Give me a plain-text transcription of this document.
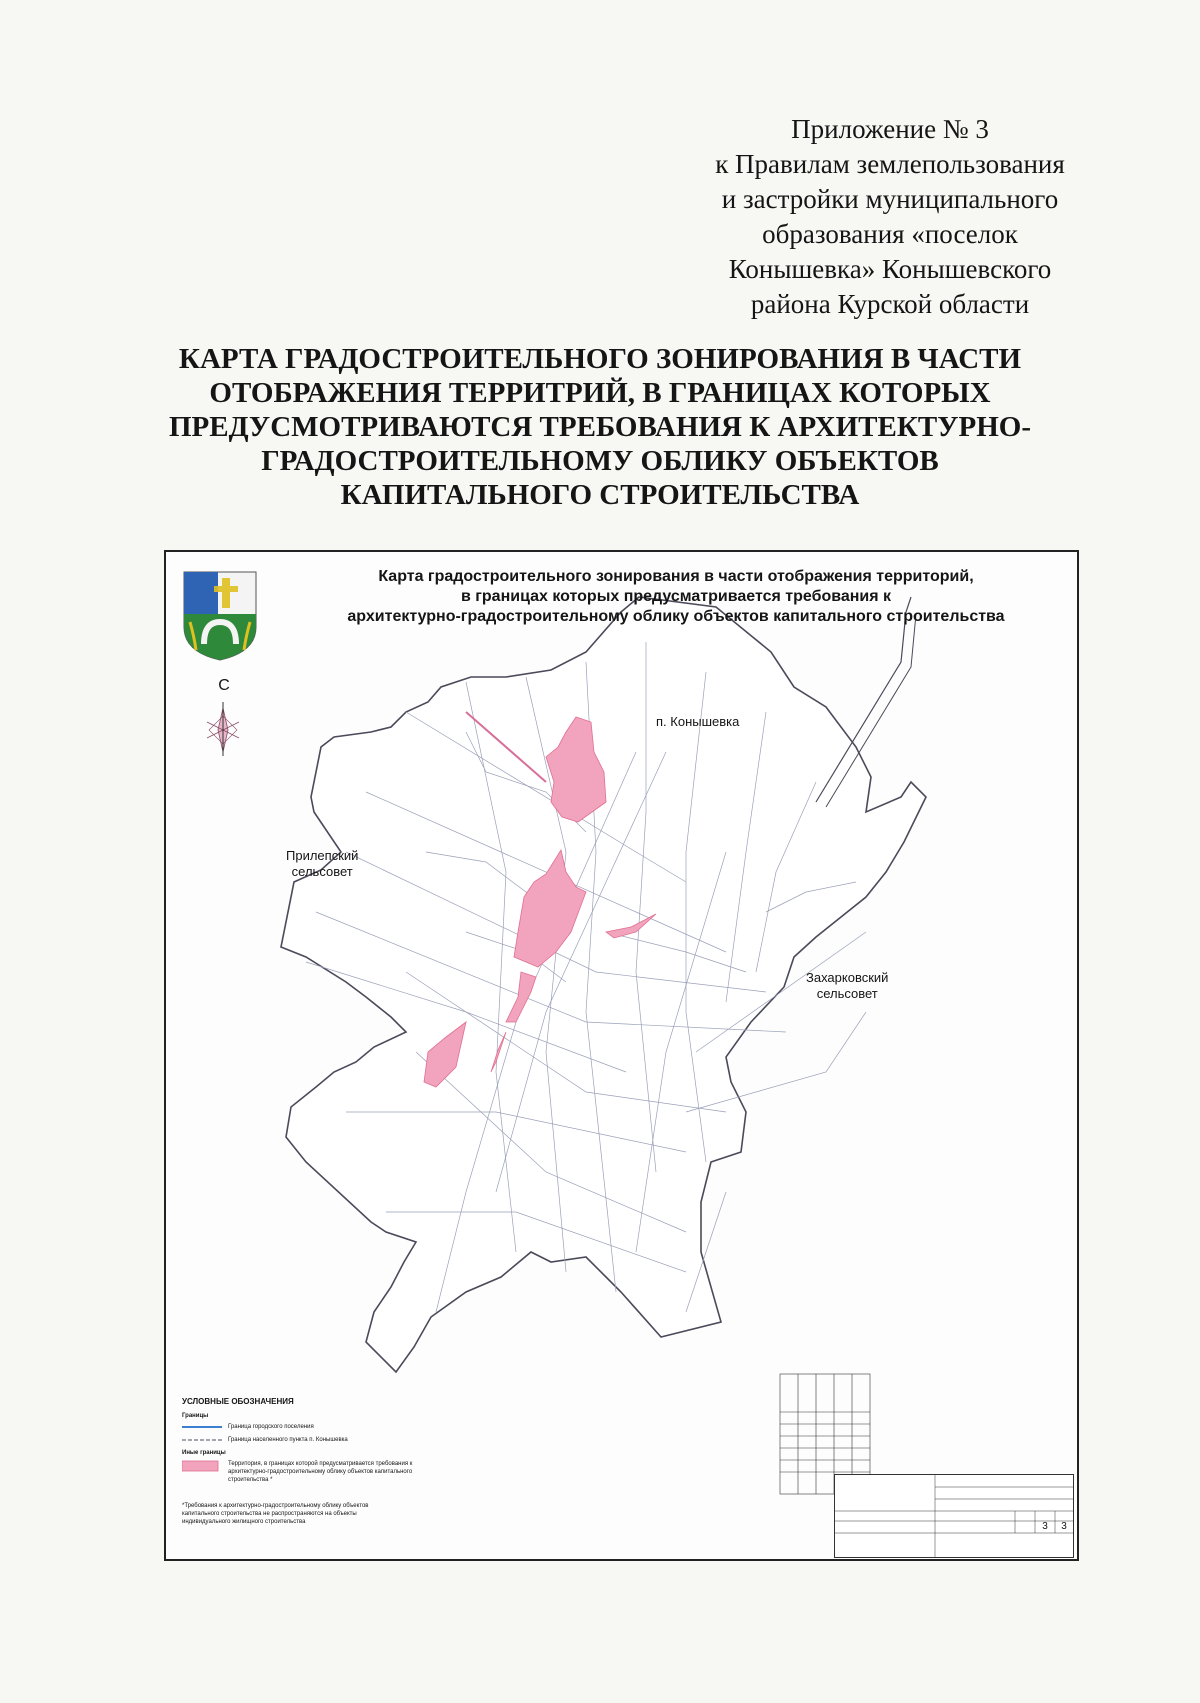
Приложение № 3
к Правилам землепользования
и застройки муниципального
образования «поселок
Конышевка» Конышевского
района Курской области
КАРТА ГРАДОСТРОИТЕЛЬНОГО ЗОНИРОВАНИЯ В ЧАСТИ
ОТОБРАЖЕНИЯ ТЕРРИТРИЙ, В ГРАНИЦАХ КОТОРЫХ
ПРЕДУСМОТРИВАЮТСЯ ТРЕБОВАНИЯ К АРХИТЕКТУРНО-
ГРАДОСТРОИТЕЛЬНОМУ ОБЛИКУ ОБЪЕКТОВ
КАПИТАЛЬНОГО СТРОИТЕЛЬСТВА
Карта градостроительного зонирования в части отображения территорий,
в границах которых предусматривается требования к
архитектурно-градостроительному облику объектов капитального строительства
С
п. Конышевка
Прилепский
сельсовет
Захарковский
сельсовет
УСЛОВНЫЕ ОБОЗНАЧЕНИЯ
Границы
Граница городского поселения
Граница населенного пункта п. Конышевка
Иные границы
Территория, в границах которой предусматривается требования к архитектурно-градостроительному облику объектов капитального строительства *
*Требования к архитектурно-градостроительному облику объектов капитального строительства не распространяются на объекты индивидуального жилищного строительства	3	3
